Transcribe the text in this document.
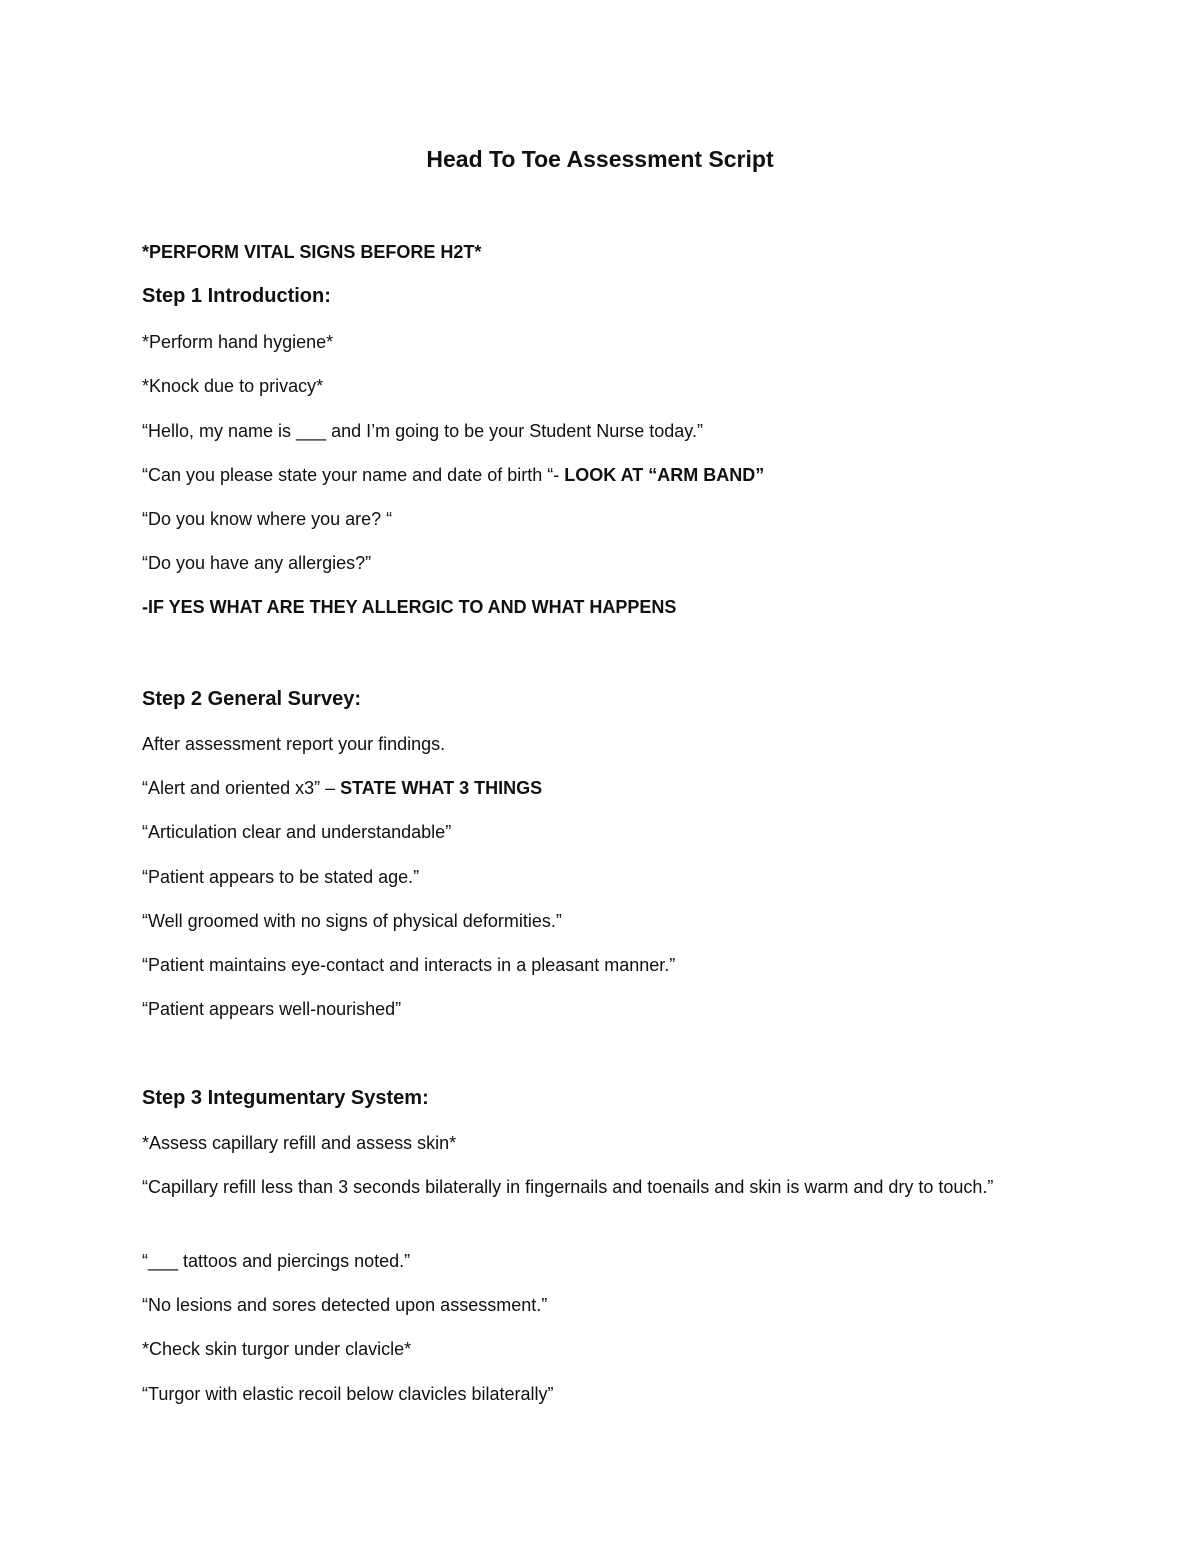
Head To Toe Assessment Script

*PERFORM VITAL SIGNS BEFORE H2T*

Step 1 Introduction:

*Perform hand hygiene*

*Knock due to privacy*

“Hello, my name is ___ and I’m going to be your Student Nurse today.”

“Can you please state your name and date of birth “- LOOK AT “ARM BAND”

“Do you know where you are? “

“Do you have any allergies?”

-IF YES WHAT ARE THEY ALLERGIC TO AND WHAT HAPPENS

Step 2 General Survey:

After assessment report your findings.

“Alert and oriented x3” – STATE WHAT 3 THINGS

“Articulation clear and understandable”

“Patient appears to be stated age.”

“Well groomed with no signs of physical deformities.”

“Patient maintains eye-contact and interacts in a pleasant manner.”

“Patient appears well-nourished”

Step 3 Integumentary System:

*Assess capillary refill and assess skin*

“Capillary refill less than 3 seconds bilaterally in fingernails and toenails and skin is warm and dry to touch.”

“___ tattoos and piercings noted.”

“No lesions and sores detected upon assessment.”

*Check skin turgor under clavicle*

“Turgor with elastic recoil below clavicles bilaterally”
